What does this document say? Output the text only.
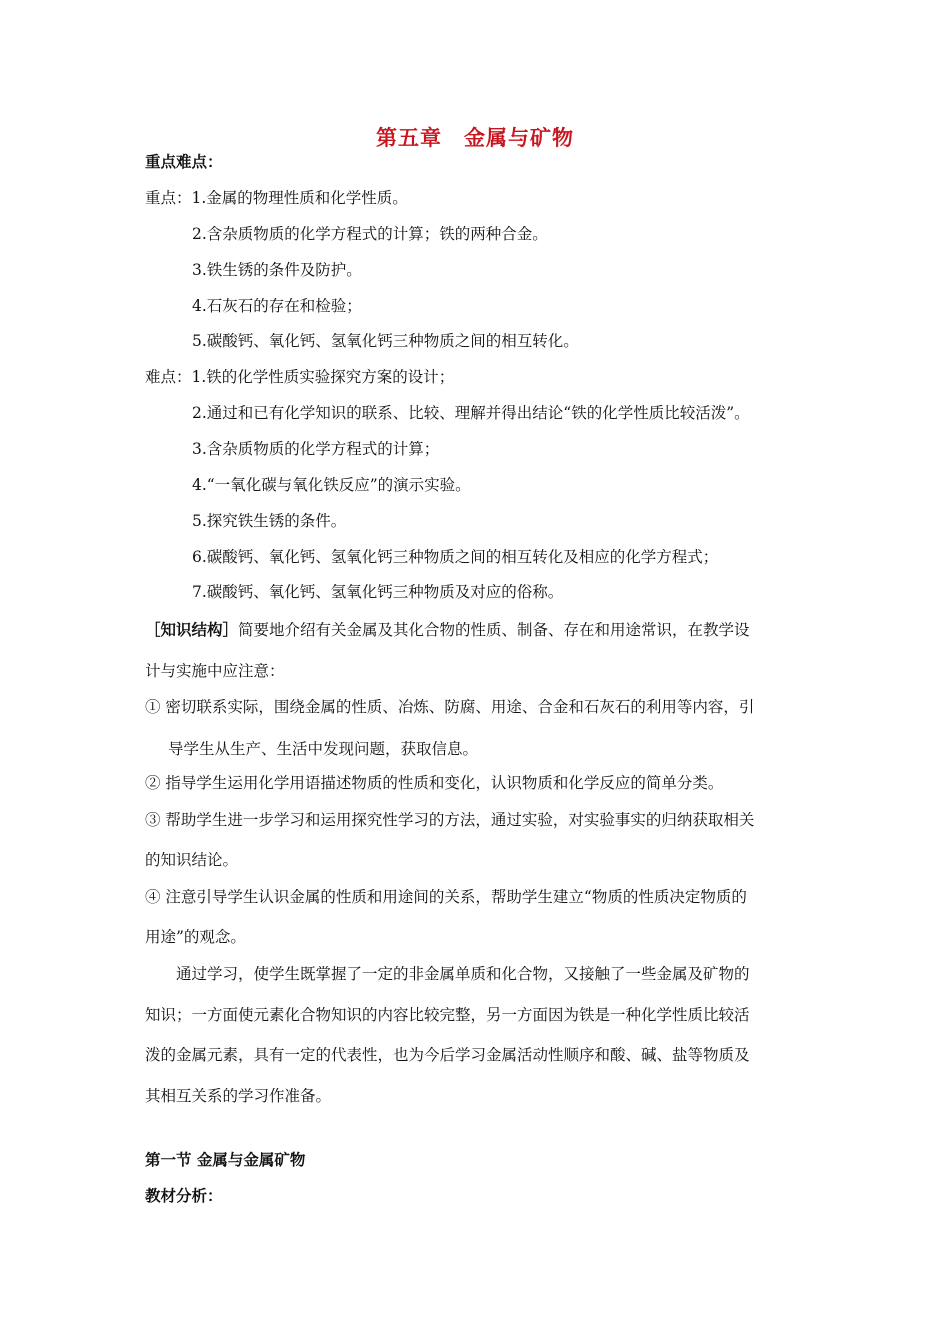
第五章　金属与矿物
重点难点：
重点：1.金属的物理性质和化学性质。
2.含杂质物质的化学方程式的计算；铁的两种合金。
3.铁生锈的条件及防护。
4.石灰石的存在和检验；
5.碳酸钙、氧化钙、氢氧化钙三种物质之间的相互转化。
难点：1.铁的化学性质实验探究方案的设计；
2.通过和已有化学知识的联系、比较、理解并得出结论“铁的化学性质比较活泼”。
3.含杂质物质的化学方程式的计算；
4.“一氧化碳与氧化铁反应”的演示实验。
5.探究铁生锈的条件。
6.碳酸钙、氧化钙、氢氧化钙三种物质之间的相互转化及相应的化学方程式；
7.碳酸钙、氧化钙、氢氧化钙三种物质及对应的俗称。
［知识结构］简要地介绍有关金属及其化合物的性质、制备、存在和用途常识，在教学设
计与实施中应注意：
① 密切联系实际，围绕金属的性质、冶炼、防腐、用途、合金和石灰石的利用等内容，引
导学生从生产、生活中发现问题，获取信息。
② 指导学生运用化学用语描述物质的性质和变化，认识物质和化学反应的简单分类。
③ 帮助学生进一步学习和运用探究性学习的方法，通过实验，对实验事实的归纳获取相关
的知识结论。
④ 注意引导学生认识金属的性质和用途间的关系，帮助学生建立“物质的性质决定物质的
用途”的观念。
通过学习，使学生既掌握了一定的非金属单质和化合物，又接触了一些金属及矿物的
知识；一方面使元素化合物知识的内容比较完整，另一方面因为铁是一种化学性质比较活
泼的金属元素，具有一定的代表性，也为今后学习金属活动性顺序和酸、碱、盐等物质及
其相互关系的学习作准备。
第一节 金属与金属矿物
教材分析：
